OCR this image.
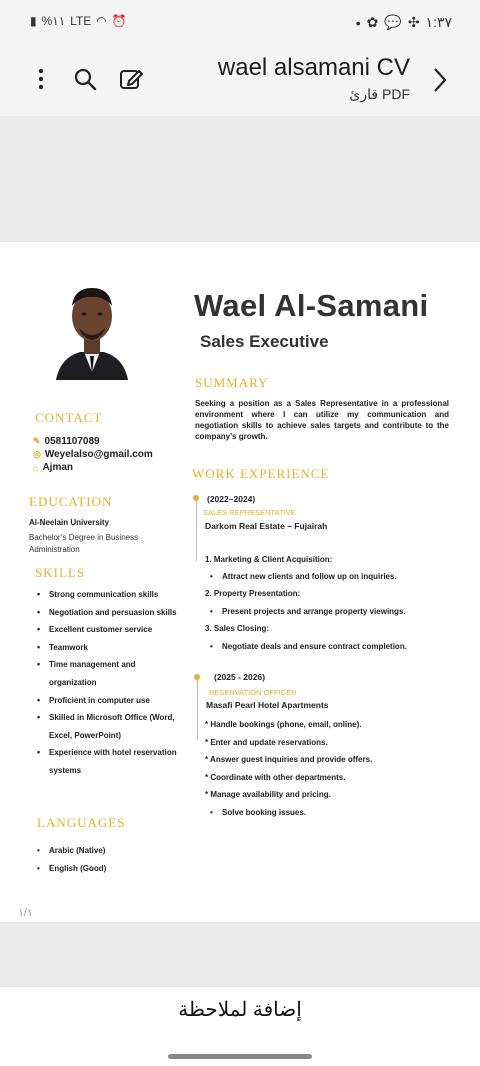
▮ %١١ LTE ◠ ⏰	• ✿ 💬 ✣ ١:٣٧
wael alsamani CV
قارئ PDF
Wael Al-Samani
Sales Executive
SUMMARY
Seeking a position as a Sales Representative in a professional environment where I can utilize my communication and negotiation skills to achieve sales targets and contribute to the company’s growth.
CONTACT
✎ 0581107089
◎ Weyelalso@gmail.com
⌂ Ajman
EDUCATION
Al-Neelain University
Bachelor’s Degree in Business Administration
SKILLS
• Strong communication skills
• Negotiation and persuasion skills
• Excellent customer service
• Teamwork
• Time management and organization
• Proficient in computer use
• Skilled in Microsoft Office (Word, Excel, PowerPoint)
• Experience with hotel reservation systems
LANGUAGES
• Arabic (Native)
• English (Good)
WORK EXPERIENCE
(2022–2024)
SALES REPRESENTATIVE
Darkom Real Estate – Fujairah
1. Marketing & Client Acquisition:
• Attract new clients and follow up on inquiries.
2. Property Presentation:
• Present projects and arrange property viewings.
3. Sales Closing:
• Negotiate deals and ensure contract completion.
(2025 - 2026)
RESERVATION OFFICER
Masafi Pearl Hotel Apartments
* Handle bookings (phone, email, online).
* Enter and update reservations.
* Answer guest inquiries and provide offers.
* Coordinate with other departments.
* Manage availability and pricing.
• Solve booking issues.
١/١
إضافة لملاحظة
